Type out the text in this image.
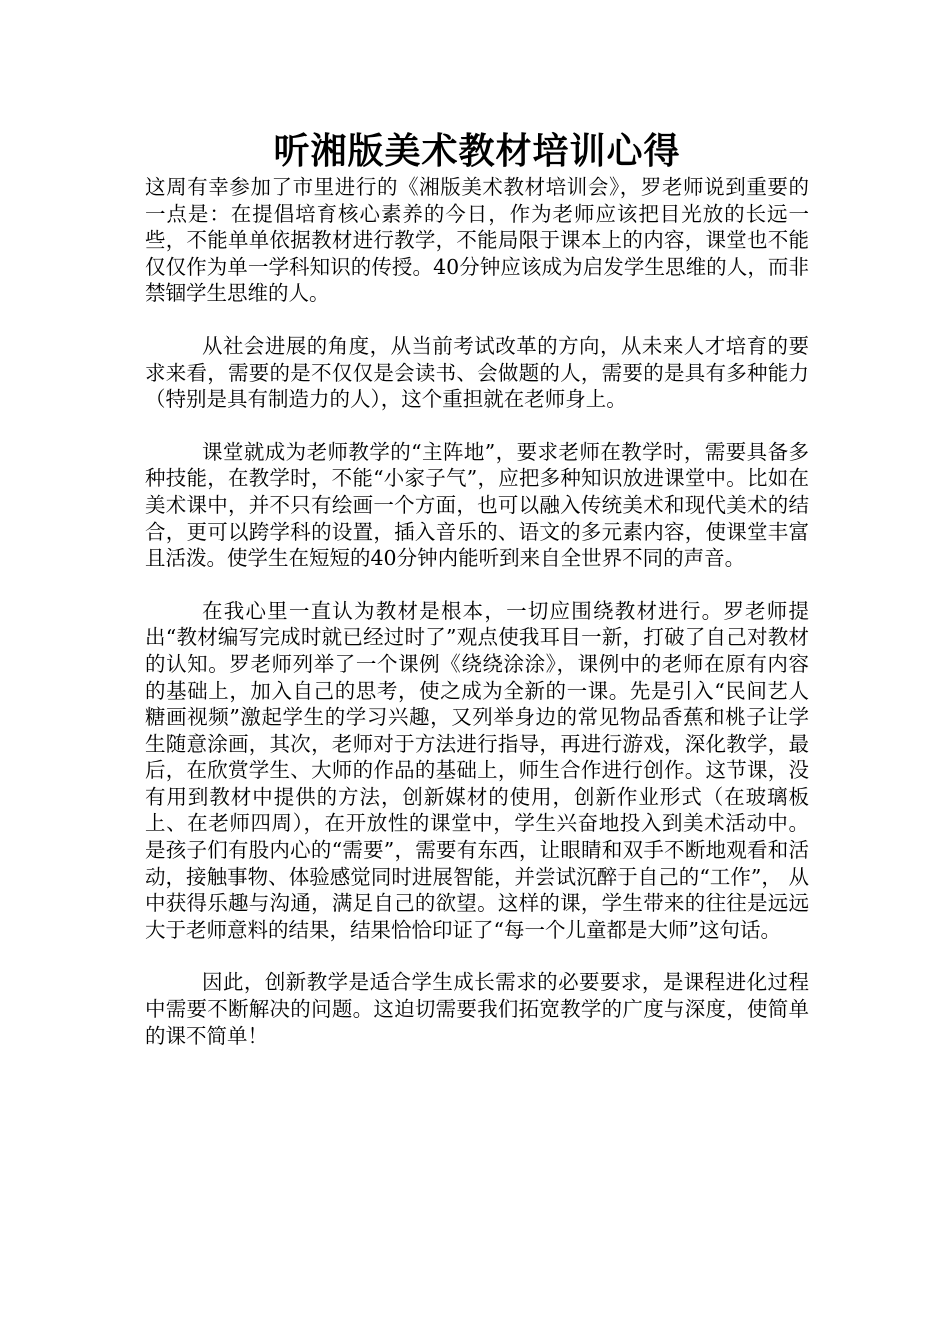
听湘版美术教材培训心得

这周有幸参加了市里进行的《湘版美术教材培训会》，罗老师说到重要的一点是：在提倡培育核心素养的今日，作为老师应该把目光放的长远一些，不能单单依据教材进行教学，不能局限于课本上的内容，课堂也不能仅仅作为单一学科知识的传授。40分钟应该成为启发学生思维的人，而非禁锢学生思维的人。

从社会进展的角度，从当前考试改革的方向，从未来人才培育的要求来看，需要的是不仅仅是会读书、会做题的人，需要的是具有多种能力（特别是具有制造力的人），这个重担就在老师身上。

课堂就成为老师教学的“主阵地”，要求老师在教学时，需要具备多种技能，在教学时，不能“小家子气”，应把多种知识放进课堂中。比如在美术课中，并不只有绘画一个方面，也可以融入传统美术和现代美术的结合，更可以跨学科的设置，插入音乐的、语文的多元素内容，使课堂丰富且活泼。使学生在短短的40分钟内能听到来自全世界不同的声音。

在我心里一直认为教材是根本，一切应围绕教材进行。罗老师提出“教材编写完成时就已经过时了”观点使我耳目一新，打破了自己对教材的认知。罗老师列举了一个课例《绕绕涂涂》，课例中的老师在原有内容的基础上，加入自己的思考，使之成为全新的一课。先是引入“民间艺人糖画视频”激起学生的学习兴趣，又列举身边的常见物品香蕉和桃子让学生随意涂画，其次，老师对于方法进行指导，再进行游戏，深化教学，最后，在欣赏学生、大师的作品的基础上，师生合作进行创作。这节课，没有用到教材中提供的方法，创新媒材的使用，创新作业形式（在玻璃板上、在老师四周），在开放性的课堂中，学生兴奋地投入到美术活动中。是孩子们有股内心的“需要”，需要有东西，让眼睛和双手不断地观看和活动，接触事物、体验感觉同时进展智能，并尝试沉醉于自己的“工作”， 从中获得乐趣与沟通，满足自己的欲望。这样的课，学生带来的往往是远远大于老师意料的结果，结果恰恰印证了“每一个儿童都是大师”这句话。

因此，创新教学是适合学生成长需求的必要要求，是课程进化过程中需要不断解决的问题。这迫切需要我们拓宽教学的广度与深度，使简单的课不简单！
